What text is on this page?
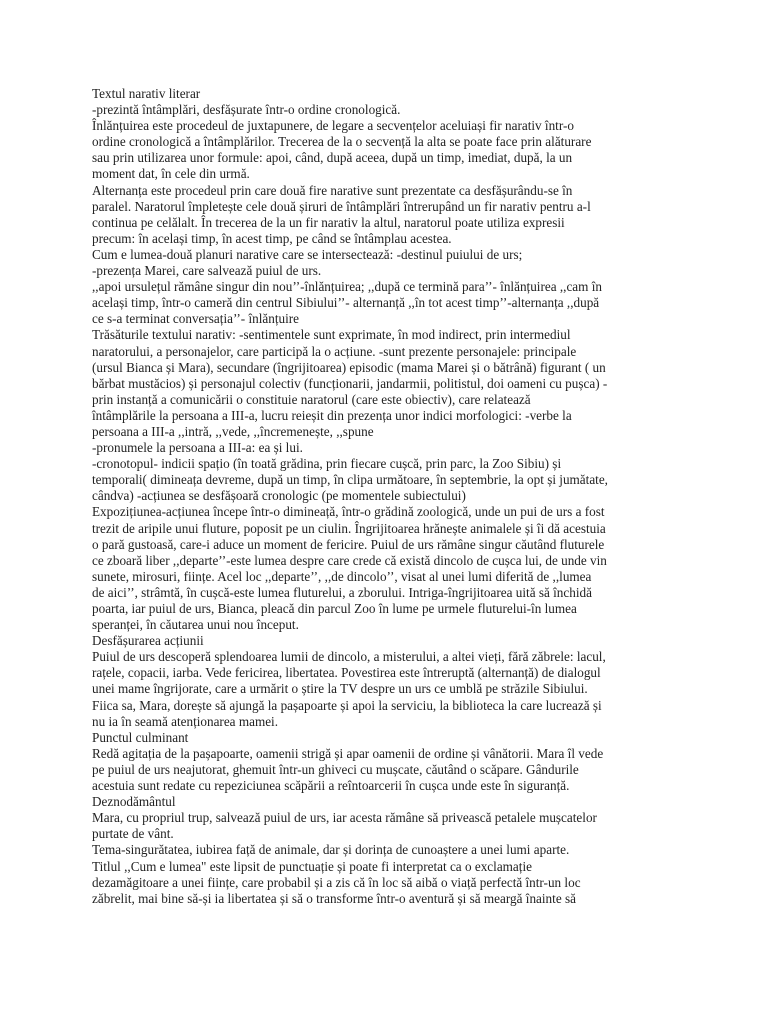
Textul narativ literar
-prezintă întâmplări, desfășurate într-o ordine cronologică.
Înlănțuirea este procedeul de juxtapunere, de legare a secvențelor aceluiași fir narativ într-o
ordine cronologică a întâmplărilor. Trecerea de la o secvență la alta se poate face prin alăturare
sau prin utilizarea unor formule: apoi, când, după aceea, după un timp, imediat, după, la un
moment dat, în cele din urmă.
Alternanța este procedeul prin care două fire narative sunt prezentate ca desfășurându-se în
paralel. Naratorul împletește cele două șiruri de întâmplări întrerupând un fir narativ pentru a-l
continua pe celălalt. În trecerea de la un fir narativ la altul, naratorul poate utiliza expresii
precum: în același timp, în acest timp, pe când se întâmplau acestea.
Cum e lumea-două planuri narative care se intersectează: -destinul puiului de urs;
-prezența Marei, care salvează puiul de urs.
,,apoi ursulețul rămâne singur din nou’’-înlănțuirea; ,,după ce termină para’’- înlănțuirea ,,cam în
același timp, într-o cameră din centrul Sibiului’’- alternanță ,,în tot acest timp’’-alternanța ,,după
ce s-a terminat conversația’’- înlănțuire
Trăsăturile textului narativ: -sentimentele sunt exprimate, în mod indirect, prin intermediul
naratorului, a personajelor, care participă la o acțiune. -sunt prezente personajele: principale
(ursul Bianca și Mara), secundare (îngrijitoarea) episodic (mama Marei și o bătrână) figurant ( un
bărbat mustăcios) și personajul colectiv (funcționarii, jandarmii, politistul, doi oameni cu pușca) -
prin instanță a comunicării o constituie naratorul (care este obiectiv), care relatează
întâmplările la persoana a III-a, lucru reieșit din prezența unor indici morfologici: -verbe la
persoana a III-a ,,intră, ,,vede, ,,încremenește, ,,spune
-pronumele la persoana a III-a: ea și lui.
-cronotopul- indicii spațio (în toată grădina, prin fiecare cușcă, prin parc, la Zoo Sibiu) și
temporali( dimineața devreme, după un timp, în clipa următoare, în septembrie, la opt și jumătate,
cândva) -acțiunea se desfășoară cronologic (pe momentele subiectului)
Expozițiunea-acțiunea începe într-o dimineață, într-o grădină zoologică, unde un pui de urs a fost
trezit de aripile unui fluture, poposit pe un ciulin. Îngrijitoarea hrănește animalele și îi dă acestuia
o pară gustoasă, care-i aduce un moment de fericire. Puiul de urs rămâne singur căutând fluturele
ce zboară liber ,,departe’’-este lumea despre care crede că există dincolo de cușca lui, de unde vin
sunete, mirosuri, ființe. Acel loc ,,departe’’, ,,de dincolo’’, visat al unei lumi diferită de ,,lumea
de aici’’, strâmtă, în cușcă-este lumea fluturelui, a zborului. Intriga-îngrijitoarea uită să închidă
poarta, iar puiul de urs, Bianca, pleacă din parcul Zoo în lume pe urmele fluturelui-în lumea
speranței, în căutarea unui nou început.
Desfășurarea acțiunii
Puiul de urs descoperă splendoarea lumii de dincolo, a misterului, a altei vieți, fără zăbrele: lacul,
rațele, copacii, iarba. Vede fericirea, libertatea. Povestirea este întreruptă (alternanță) de dialogul
unei mame îngrijorate, care a urmărit o știre la TV despre un urs ce umblă pe străzile Sibiului.
Fiica sa, Mara, dorește să ajungă la pașapoarte și apoi la serviciu, la biblioteca la care lucrează și
nu ia în seamă atenționarea mamei.
Punctul culminant
Redă agitația de la pașapoarte, oamenii strigă și apar oamenii de ordine și vânătorii. Mara îl vede
pe puiul de urs neajutorat, ghemuit într-un ghiveci cu mușcate, căutând o scăpare. Gândurile
acestuia sunt redate cu repeziciunea scăpării a reîntoarcerii în cușca unde este în siguranță.
Deznodământul
Mara, cu propriul trup, salvează puiul de urs, iar acesta rămâne să privească petalele mușcatelor
purtate de vânt.
Tema-singurătatea, iubirea față de animale, dar și dorința de cunoaștere a unei lumi aparte.
Titlul ,,Cum e lumea" este lipsit de punctuație și poate fi interpretat ca o exclamație
dezamăgitoare a unei ființe, care probabil și a zis că în loc să aibă o viață perfectă într-un loc
zăbrelit, mai bine să-și ia libertatea și să o transforme într-o aventură și să meargă înainte să
